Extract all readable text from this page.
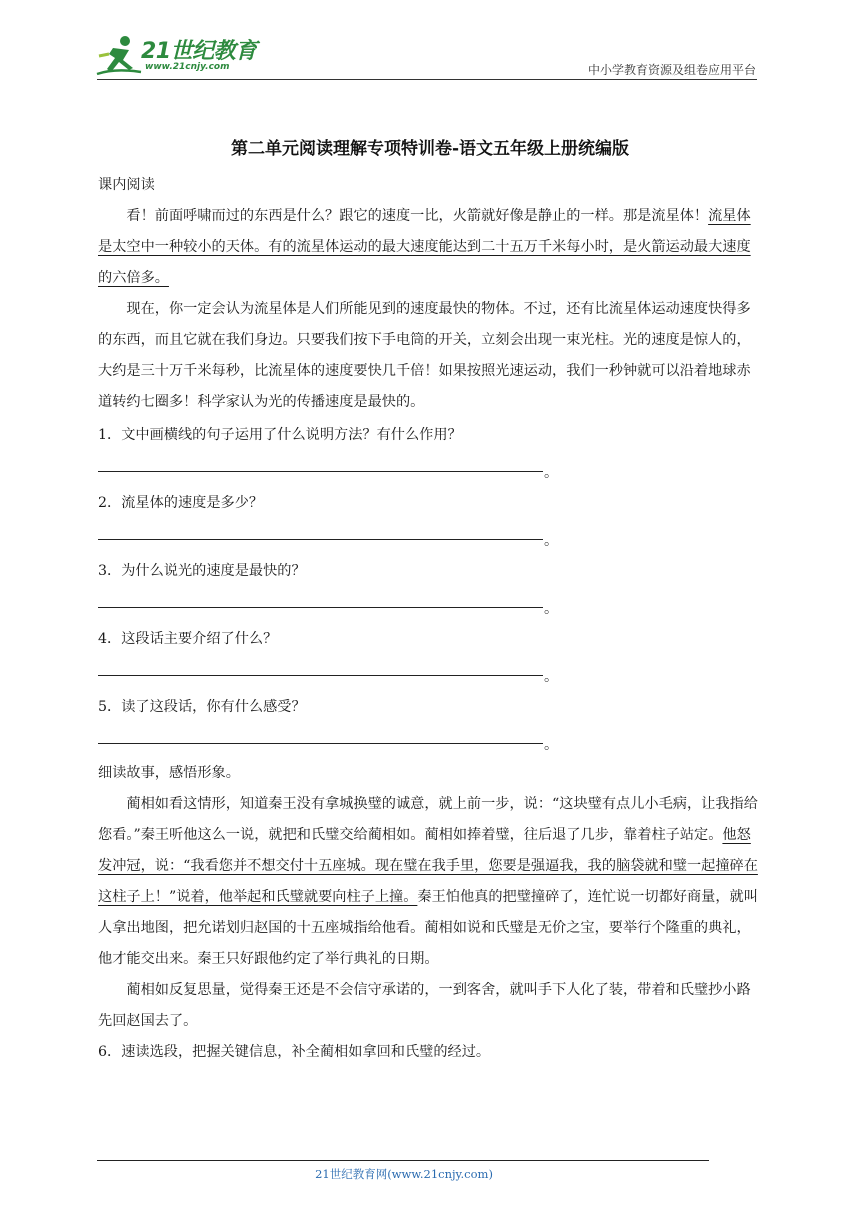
21世纪教育
www.21cnjy.com	中小学教育资源及组卷应用平台
第二单元阅读理解专项特训卷-语文五年级上册统编版

课内阅读

看！前面呼啸而过的东西是什么？跟它的速度一比，火箭就好像是静止的一样。那是流星体！流星体是太空中一种较小的天体。有的流星体运动的最大速度能达到二十五万千米每小时，是火箭运动最大速度的六倍多。

现在，你一定会认为流星体是人们所能见到的速度最快的物体。不过，还有比流星体运动速度快得多的东西，而且它就在我们身边。只要我们按下手电筒的开关，立刻会出现一束光柱。光的速度是惊人的，大约是三十万千米每秒，比流星体的速度要快几千倍！如果按照光速运动，我们一秒钟就可以沿着地球赤道转约七圈多！科学家认为光的传播速度是最快的。

1．文中画横线的句子运用了什么说明方法？有什么作用？

。

2．流星体的速度是多少？

。

3．为什么说光的速度是最快的？

。

4．这段话主要介绍了什么？

。

5．读了这段话，你有什么感受？

。

细读故事，感悟形象。

蔺相如看这情形，知道秦王没有拿城换璧的诚意，就上前一步，说：“这块璧有点儿小毛病，让我指给您看。”秦王听他这么一说，就把和氏璧交给蔺相如。蔺相如捧着璧，往后退了几步，靠着柱子站定。他怒发冲冠，说：“我看您并不想交付十五座城。现在璧在我手里，您要是强逼我，我的脑袋就和璧一起撞碎在这柱子上！”说着，他举起和氏璧就要向柱子上撞。秦王怕他真的把璧撞碎了，连忙说一切都好商量，就叫人拿出地图，把允诺划归赵国的十五座城指给他看。蔺相如说和氏璧是无价之宝，要举行个隆重的典礼，他才能交出来。秦王只好跟他约定了举行典礼的日期。

蔺相如反复思量，觉得秦王还是不会信守承诺的，一到客舍，就叫手下人化了装，带着和氏璧抄小路先回赵国去了。

6．速读选段，把握关键信息，补全蔺相如拿回和氏璧的经过。

21世纪教育网(www.21cnjy.com)
